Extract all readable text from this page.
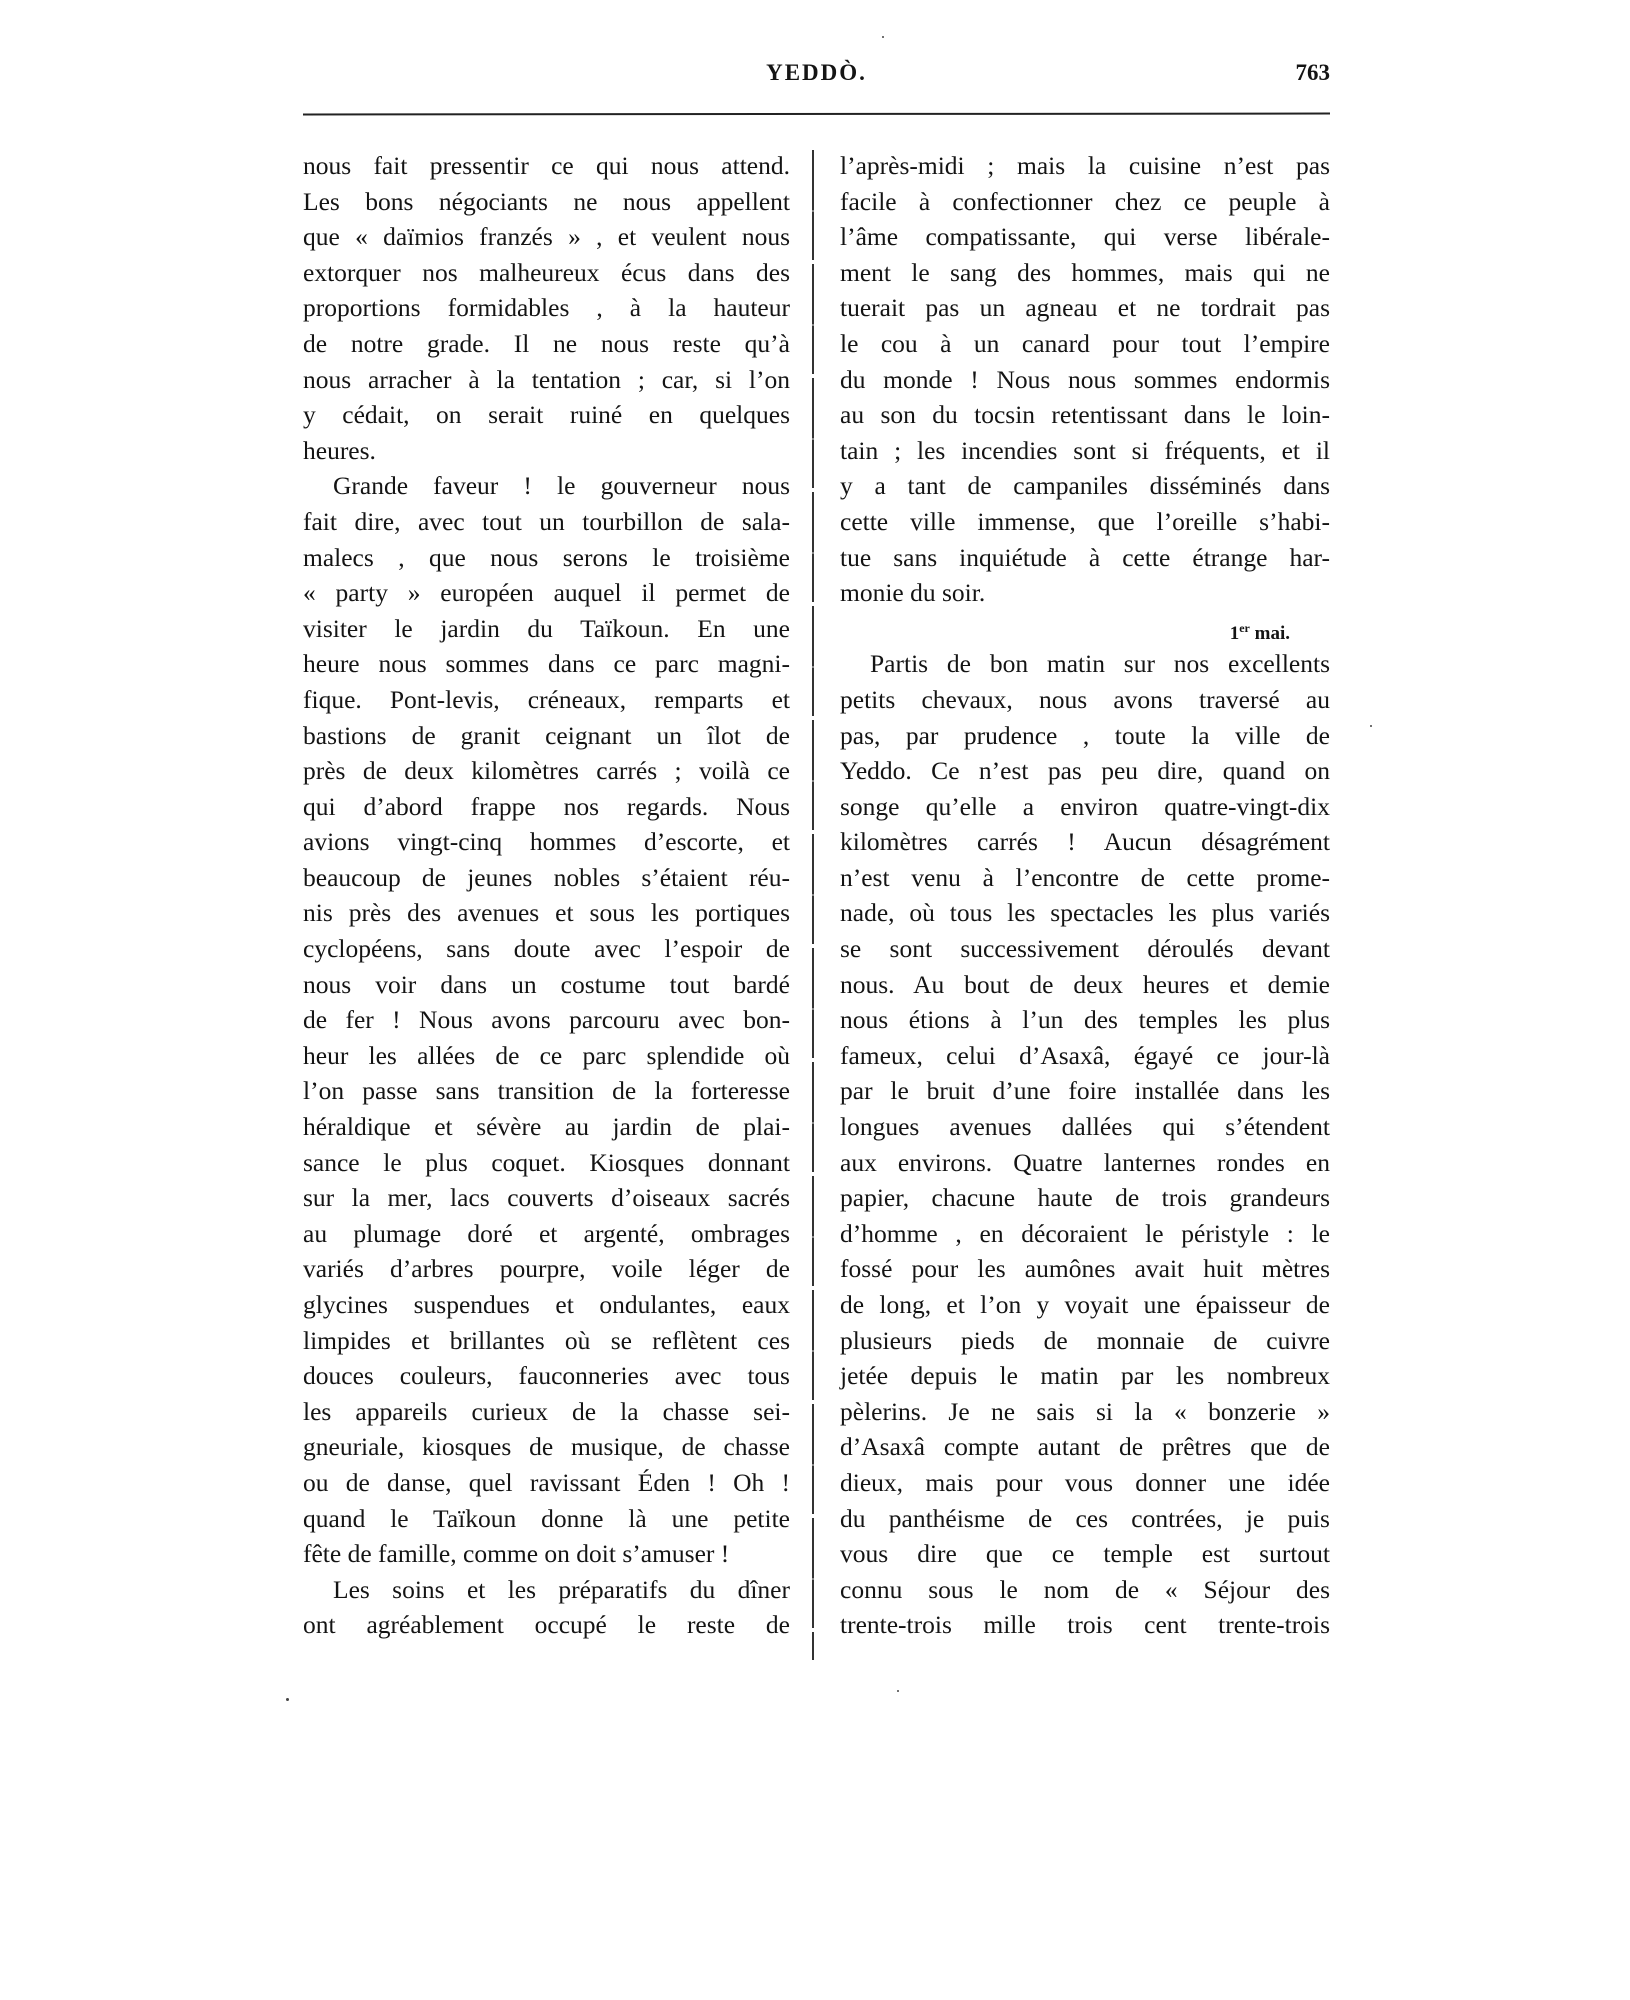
YEDDÒ.	763
nous fait pressentir ce qui nous attend.
Les bons négociants ne nous appellent
que « daïmios franzés » , et veulent nous
extorquer nos malheureux écus dans des
proportions formidables , à la hauteur
de notre grade. Il ne nous reste qu’à
nous arracher à la tentation ; car, si l’on
y cédait, on serait ruiné en quelques
heures.
Grande faveur ! le gouverneur nous
fait dire, avec tout un tourbillon de sala-
malecs , que nous serons le troisième
« party » européen auquel il permet de
visiter le jardin du Taïkoun. En une
heure nous sommes dans ce parc magni-
fique. Pont-levis, créneaux, remparts et
bastions de granit ceignant un îlot de
près de deux kilomètres carrés ; voilà ce
qui d’abord frappe nos regards. Nous
avions vingt-cinq hommes d’escorte, et
beaucoup de jeunes nobles s’étaient réu-
nis près des avenues et sous les portiques
cyclopéens, sans doute avec l’espoir de
nous voir dans un costume tout bardé
de fer ! Nous avons parcouru avec bon-
heur les allées de ce parc splendide où
l’on passe sans transition de la forteresse
héraldique et sévère au jardin de plai-
sance le plus coquet. Kiosques donnant
sur la mer, lacs couverts d’oiseaux sacrés
au plumage doré et argenté, ombrages
variés d’arbres pourpre, voile léger de
glycines suspendues et ondulantes, eaux
limpides et brillantes où se reflètent ces
douces couleurs, fauconneries avec tous
les appareils curieux de la chasse sei-
gneuriale, kiosques de musique, de chasse
ou de danse, quel ravissant Éden ! Oh !
quand le Taïkoun donne là une petite
fête de famille, comme on doit s’amuser !
Les soins et les préparatifs du dîner
ont agréablement occupé le reste de
l’après-midi ; mais la cuisine n’est pas
facile à confectionner chez ce peuple à
l’âme compatissante, qui verse libérale-
ment le sang des hommes, mais qui ne
tuerait pas un agneau et ne tordrait pas
le cou à un canard pour tout l’empire
du monde ! Nous nous sommes endormis
au son du tocsin retentissant dans le loin-
tain ; les incendies sont si fréquents, et il
y a tant de campaniles disséminés dans
cette ville immense, que l’oreille s’habi-
tue sans inquiétude à cette étrange har-
monie du soir.
1er mai.
Partis de bon matin sur nos excellents
petits chevaux, nous avons traversé au
pas, par prudence , toute la ville de
Yeddo. Ce n’est pas peu dire, quand on
songe qu’elle a environ quatre-vingt-dix
kilomètres carrés ! Aucun désagrément
n’est venu à l’encontre de cette prome-
nade, où tous les spectacles les plus variés
se sont successivement déroulés devant
nous. Au bout de deux heures et demie
nous étions à l’un des temples les plus
fameux, celui d’Asaxâ, égayé ce jour-là
par le bruit d’une foire installée dans les
longues avenues dallées qui s’étendent
aux environs. Quatre lanternes rondes en
papier, chacune haute de trois grandeurs
d’homme , en décoraient le péristyle : le
fossé pour les aumônes avait huit mètres
de long, et l’on y voyait une épaisseur de
plusieurs pieds de monnaie de cuivre
jetée depuis le matin par les nombreux
pèlerins. Je ne sais si la « bonzerie »
d’Asaxâ compte autant de prêtres que de
dieux, mais pour vous donner une idée
du panthéisme de ces contrées, je puis
vous dire que ce temple est surtout
connu sous le nom de « Séjour des
trente-trois mille trois cent trente-trois
